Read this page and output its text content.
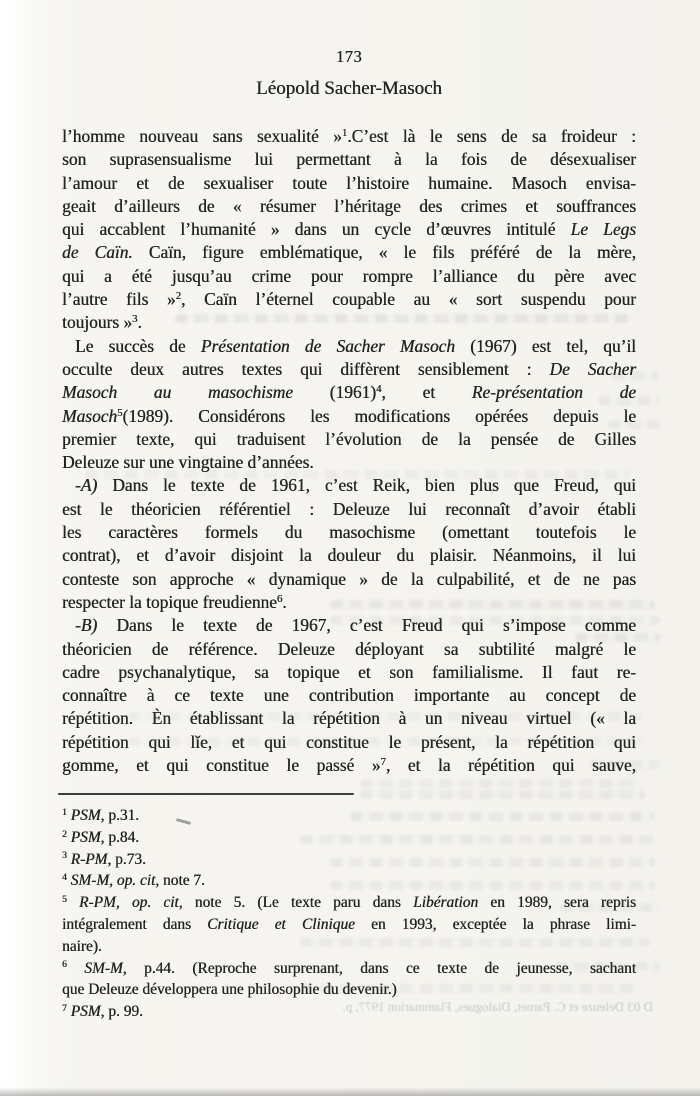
173
Léopold Sacher-Masoch
l’homme nouveau sans sexualité »$^1$.C’est là le sens de sa froideur :
son suprasensualisme lui permettant à la fois de désexualiser
l’amour et de sexualiser toute l’histoire humaine. Masoch envisa-
geait d’ailleurs de « résumer l’héritage des crimes et souffrances
qui accablent l’humanité » dans un cycle d’œuvres intitulé Le Legs
de Caïn. Caïn, figure emblématique, « le fils préféré de la mère,
qui a été jusqu’au crime pour rompre l’alliance du père avec
l’autre fils »$^2$, Caïn l’éternel coupable au « sort suspendu pour
toujours »$^3$.
Le succès de Présentation de Sacher Masoch (1967) est tel, qu’il
occulte deux autres textes qui diffèrent sensiblement : De Sacher
Masoch au masochisme $(1961)^4$, et Re-présentation de
Masoch$^5$(1989). Considérons les modifications opérées depuis le
premier texte, qui traduisent l’évolution de la pensée de Gilles
Deleuze sur une vingtaine d’années.
-A) Dans le texte de 1961, c’est Reik, bien plus que Freud, qui
est le théoricien référentiel : Deleuze lui reconnaît d’avoir établi
les caractères formels du masochisme (omettant toutefois le
contrat), et d’avoir disjoint la douleur du plaisir. Néanmoins, il lui
conteste son approche « dynamique » de la culpabilité, et de ne pas
respecter la topique freudienne$^6$.
-B) Dans le texte de 1967, c’est Freud qui s’impose comme
théoricien de référence. Deleuze déployant sa subtilité malgré le
cadre psychanalytique, sa topique et son familialisme. Il faut re-
connaître à ce texte une contribution importante au concept de
répétition. Èn établissant la répétition à un niveau virtuel (« la
répétition qui lǐe, et qui constitue le présent, la répétition qui
gomme, et qui constitue le passé »$^7$, et la répétition qui sauve,
$^1$ PSM, p.31.
$^2$ PSM, p.84.
$^3$ R-PM, p.73.
$^4$ SM-M, op. cit, note 7.
$^5$ R-PM, op. cit, note 5. (Le texte paru dans Libération en 1989, sera repris
intégralement dans Critique et Clinique en 1993, exceptée la phrase limi-
naire).
$^6$ SM-M, p.44. (Reproche surprenant, dans ce texte de jeunesse, sachant
que Deleuze développera une philosophie du devenir.)
$^7$ PSM, p. 99.	D 03 Deleuze et C. Parnet, Dialogues, Flammarion 1977, p.
